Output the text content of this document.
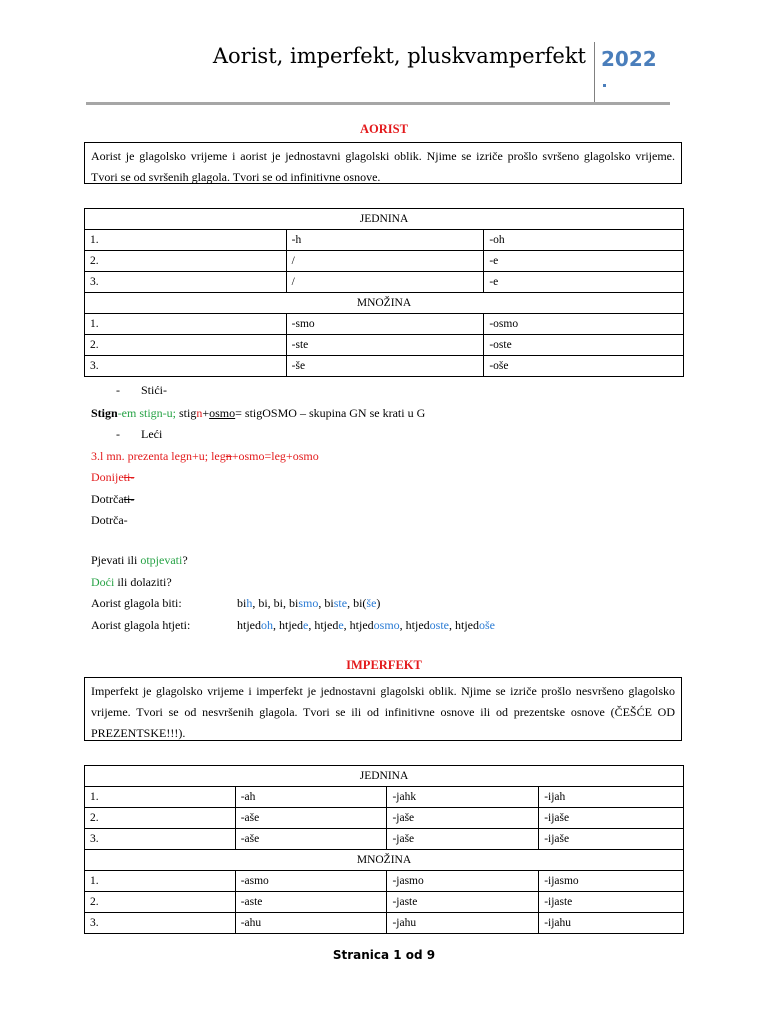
Aorist, imperfekt, pluskvamperfekt 2022
AORIST
Aorist je glagolsko vrijeme i aorist je jednostavni glagolski oblik. Njime se izriče prošlo svršeno glagolsko vrijeme. Tvori se od svršenih glagola. Tvori se od infinitivne osnove.
JEDNINA		
1.	-h	-oh
2.	/	-e
3.	/	-e
MNOŽINA		
1.	-smo	-osmo
2.	-ste	-oste
3.	-še	-oše
- Stići-
Stign-em stign-u; stign+osmo= stigOSMO – skupina GN se krati u G
- Leći
3.l mn. prezenta legn+u; legn+osmo=leg+osmo
Donijeti-
Dotrčati-
Dotrča-
Pjevati ili otpjevati?
Doći ili dolaziti?
Aorist glagola biti:	bih, bi, bi, bismo, biste, bi(še)
Aorist glagola htjeti:	htjedoh, htjede, htjede, htjedosmo, htjedoste, htjedoše
IMPERFEKT
Imperfekt je glagolsko vrijeme i imperfekt je jednostavni glagolski oblik. Njime se izriče prošlo nesvršeno glagolsko vrijeme. Tvori se od nesvršenih glagola. Tvori se ili od infinitivne osnove ili od prezentske osnove (ČEŠĆE OD PREZENTSKE!!!).
JEDNINA			
1.	-ah	-jahk	-ijah
2.	-aše	-jaše	-ijaše
3.	-aše	-jaše	-ijaše
MNOŽINA			
1.	-asmo	-jasmo	-ijasmo
2.	-aste	-jaste	-ijaste
3.	-ahu	-jahu	-ijahu
Stranica 1 od 9
